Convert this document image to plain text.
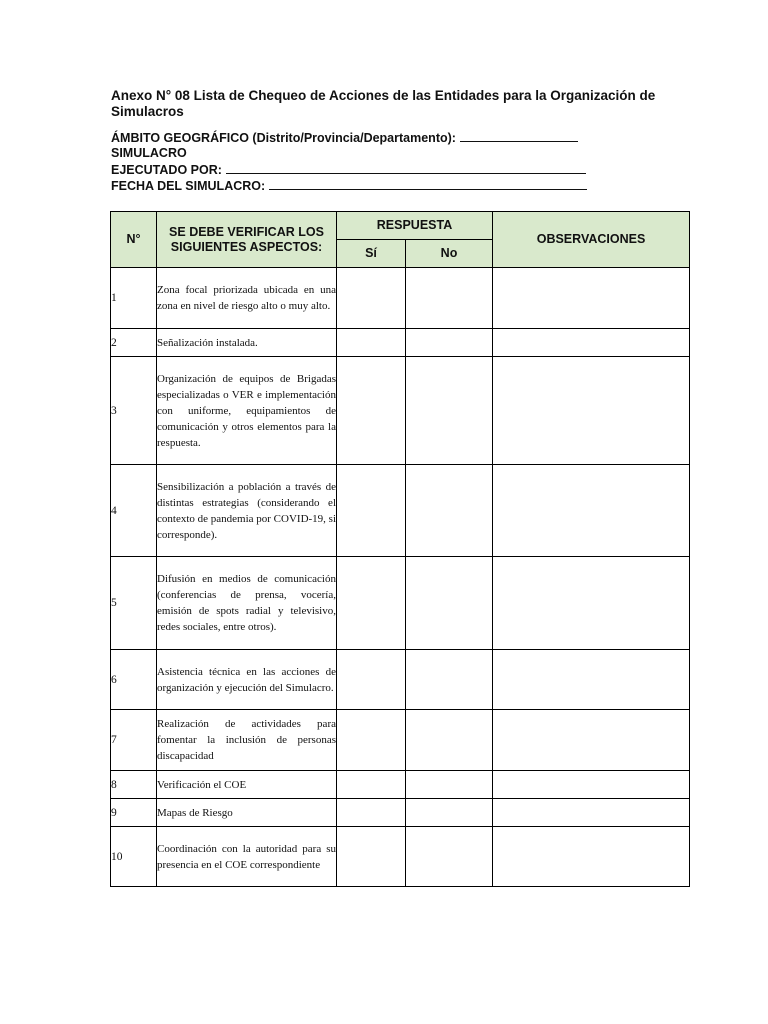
Anexo N° 08 Lista de Chequeo de Acciones de las Entidades para la Organización de Simulacros
ÁMBITO GEOGRÁFICO (Distrito/Provincia/Departamento):
SIMULACRO
EJECUTADO POR:
FECHA DEL SIMULACRO:
N°	SE DEBE VERIFICAR LOS SIGUIENTES ASPECTOS:	RESPUESTA		OBSERVACIONES
		Sí	No	
1	Zona focal priorizada ubicada en una zona en nivel de riesgo alto o muy alto.			
2	Señalización instalada.			
3	Organización de equipos de Brigadas especializadas o VER e implementación con uniforme, equipamientos de comunicación y otros elementos para la respuesta.			
4	Sensibilización a población a través de distintas estrategias (considerando el contexto de pandemia por COVID-19, si corresponde).			
5	Difusión en medios de comunicación (conferencias de prensa, vocería, emisión de spots radial y televisivo, redes sociales, entre otros).			
6	Asistencia técnica en las acciones de organización y ejecución del Simulacro.			
7	Realización de actividades para fomentar la inclusión de personas discapacidad			
8	Verificación el COE			
9	Mapas de Riesgo			
10	Coordinación con la autoridad para su presencia en el COE correspondiente			
